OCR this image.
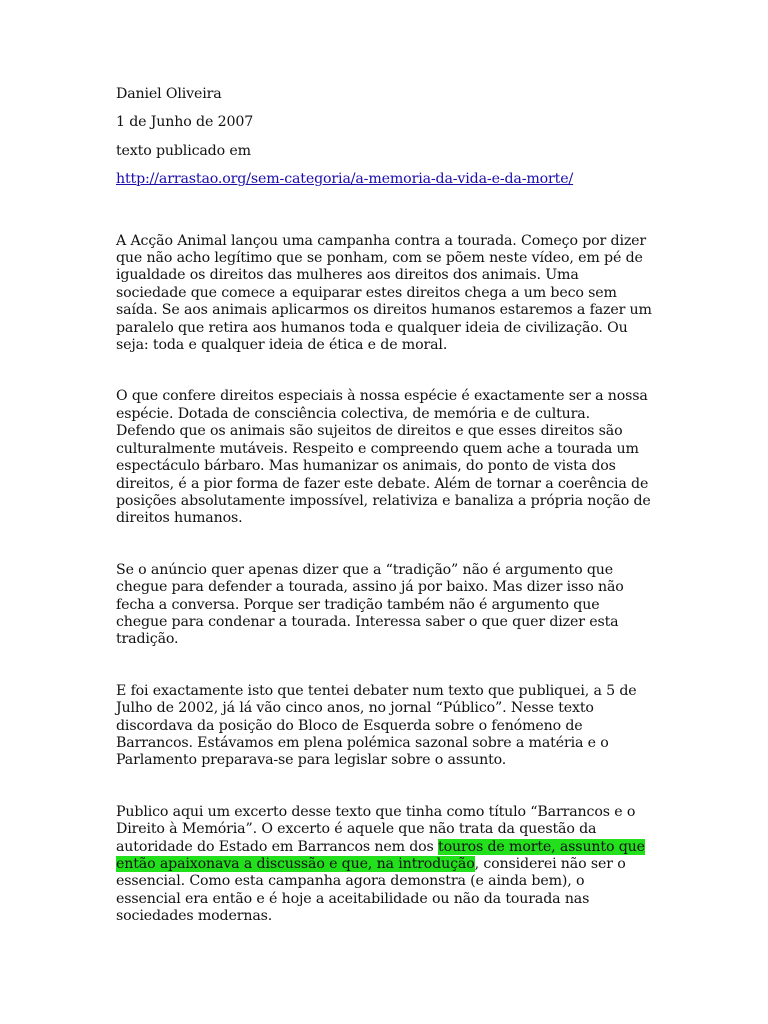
Daniel Oliveira

1 de Junho de 2007

texto publicado em

http://arrastao.org/sem-categoria/a-memoria-da-vida-e-da-morte/

A Acção Animal lançou uma campanha contra a tourada. Começo por dizer que não acho legítimo que se ponham, com se põem neste vídeo, em pé de igualdade os direitos das mulheres aos direitos dos animais. Uma sociedade que comece a equiparar estes direitos chega a um beco sem saída. Se aos animais aplicarmos os direitos humanos estaremos a fazer um paralelo que retira aos humanos toda e qualquer ideia de civilização. Ou seja: toda e qualquer ideia de ética e de moral.

O que confere direitos especiais à nossa espécie é exactamente ser a nossa espécie. Dotada de consciência colectiva, de memória e de cultura. Defendo que os animais são sujeitos de direitos e que esses direitos são culturalmente mutáveis. Respeito e compreendo quem ache a tourada um espectáculo bárbaro. Mas humanizar os animais, do ponto de vista dos direitos, é a pior forma de fazer este debate. Além de tornar a coerência de posições absolutamente impossível, relativiza e banaliza a própria noção de direitos humanos.

Se o anúncio quer apenas dizer que a “tradição” não é argumento que chegue para defender a tourada, assino já por baixo. Mas dizer isso não fecha a conversa. Porque ser tradição também não é argumento que chegue para condenar a tourada. Interessa saber o que quer dizer esta tradição.

E foi exactamente isto que tentei debater num texto que publiquei, a 5 de Julho de 2002, já lá vão cinco anos, no jornal “Público”. Nesse texto discordava da posição do Bloco de Esquerda sobre o fenómeno de Barrancos. Estávamos em plena polémica sazonal sobre a matéria e o Parlamento preparava-se para legislar sobre o assunto.

Publico aqui um excerto desse texto que tinha como título “Barrancos e o Direito à Memória”. O excerto é aquele que não trata da questão da autoridade do Estado em Barrancos nem dos touros de morte, assunto que então apaixonava a discussão e que, na introdução, considerei não ser o essencial. Como esta campanha agora demonstra (e ainda bem), o essencial era então e é hoje a aceitabilidade ou não da tourada nas sociedades modernas.
